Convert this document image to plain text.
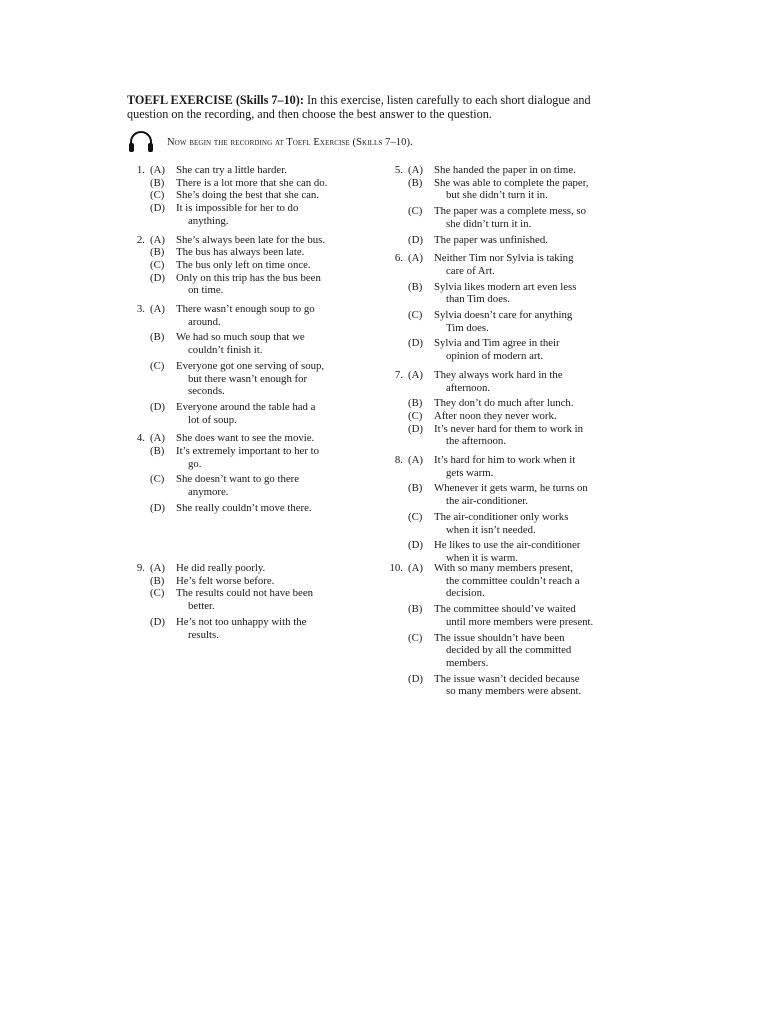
TOEFL EXERCISE (Skills 7–10): In this exercise, listen carefully to each short dialogue and question on the recording, and then choose the best answer to the question.
Now begin the recording at Toefl Exercise (Skills 7–10).
1. (A)	She can try a little harder.
(B)	There is a lot more that she can do.
(C)	She’s doing the best that she can.
(D)	It is impossible for her to do
anything.
2. (A)	She’s always been late for the bus.
(B)	The bus has always been late.
(C)	The bus only left on time once.
(D)	Only on this trip has the bus been
on time.
3. (A)	There wasn’t enough soup to go
around.
(B)	We had so much soup that we
couldn’t finish it.
(C)	Everyone got one serving of soup,
but there wasn’t enough for
seconds.
(D)	Everyone around the table had a
lot of soup.
4. (A)	She does want to see the movie.
(B)	It’s extremely important to her to
go.
(C)	She doesn’t want to go there
anymore.
(D)	She really couldn’t move there.
5. (A)	She handed the paper in on time.
(B)	She was able to complete the paper,
but she didn’t turn it in.
(C)	The paper was a complete mess, so
she didn’t turn it in.
(D)	The paper was unfinished.
6. (A)	Neither Tim nor Sylvia is taking
care of Art.
(B)	Sylvia likes modern art even less
than Tim does.
(C)	Sylvia doesn’t care for anything
Tim does.
(D)	Sylvia and Tim agree in their
opinion of modern art.
7. (A)	They always work hard in the
afternoon.
(B)	They don’t do much after lunch.
(C)	After noon they never work.
(D)	It’s never hard for them to work in
the afternoon.
8. (A)	It’s hard for him to work when it
gets warm.
(B)	Whenever it gets warm, he turns on
the air-conditioner.
(C)	The air-conditioner only works
when it isn’t needed.
(D)	He likes to use the air-conditioner
when it is warm.
9. (A)	He did really poorly.
(B)	He’s felt worse before.
(C)	The results could not have been
better.
(D)	He’s not too unhappy with the
results.
10. (A)	With so many members present,
the committee couldn’t reach a
decision.
(B)	The committee should’ve waited
until more members were present.
(C)	The issue shouldn’t have been
decided by all the committed
members.
(D)	The issue wasn’t decided because
so many members were absent.
